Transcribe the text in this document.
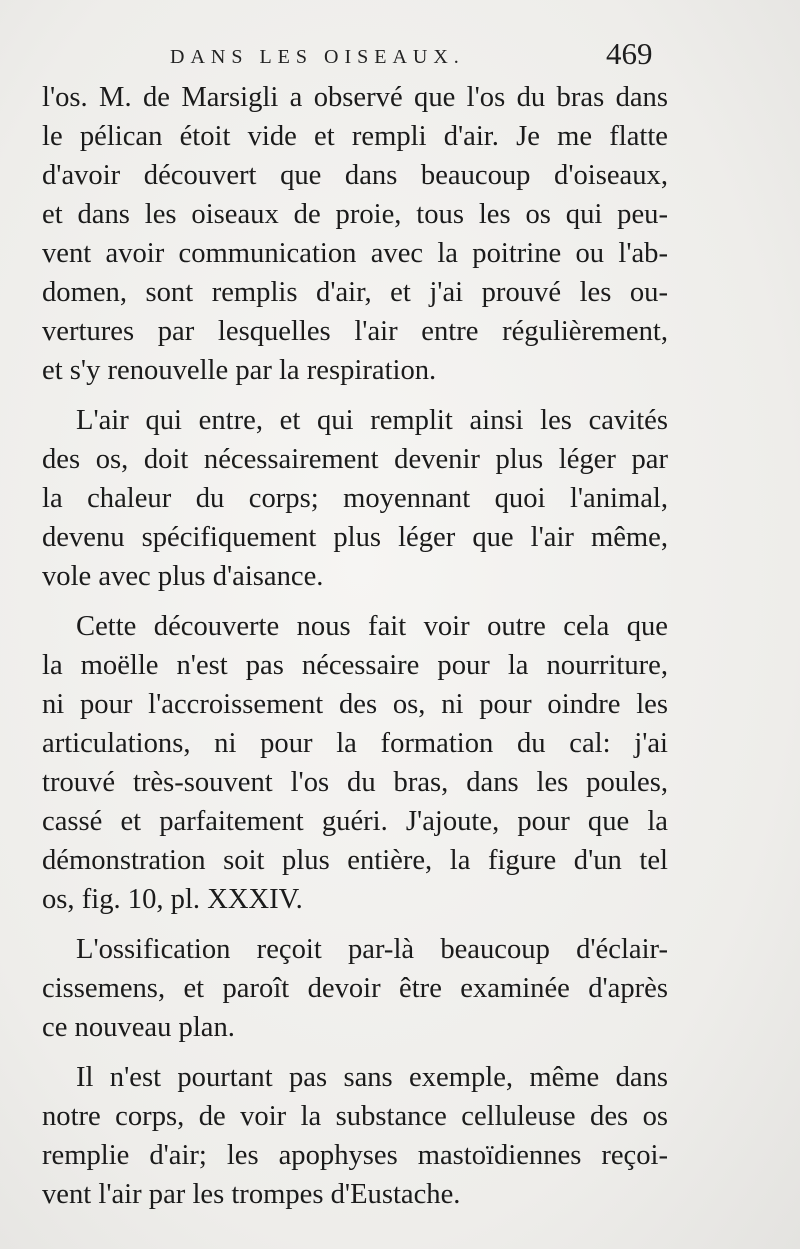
DANS LES OISEAUX.	469
l'os. M. de Marsigli a observé que l'os du bras dans
le pélican étoit vide et rempli d'air. Je me flatte
d'avoir découvert que dans beaucoup d'oiseaux,
et dans les oiseaux de proie, tous les os qui peu-
vent avoir communication avec la poitrine ou l'ab-
domen, sont remplis d'air, et j'ai prouvé les ou-
vertures par lesquelles l'air entre régulièrement,
et s'y renouvelle par la respiration.
L'air qui entre, et qui remplit ainsi les cavités
des os, doit nécessairement devenir plus léger par
la chaleur du corps; moyennant quoi l'animal,
devenu spécifiquement plus léger que l'air même,
vole avec plus d'aisance.
Cette découverte nous fait voir outre cela que
la moëlle n'est pas nécessaire pour la nourriture,
ni pour l'accroissement des os, ni pour oindre les
articulations, ni pour la formation du cal: j'ai
trouvé très-souvent l'os du bras, dans les poules,
cassé et parfaitement guéri. J'ajoute, pour que la
démonstration soit plus entière, la figure d'un tel
os, fig. 10, pl. XXXIV.
L'ossification reçoit par-là beaucoup d'éclair-
cissemens, et paroît devoir être examinée d'après
ce nouveau plan.
Il n'est pourtant pas sans exemple, même dans
notre corps, de voir la substance celluleuse des os
remplie d'air; les apophyses mastoïdiennes reçoi-
vent l'air par les trompes d'Eustache.
